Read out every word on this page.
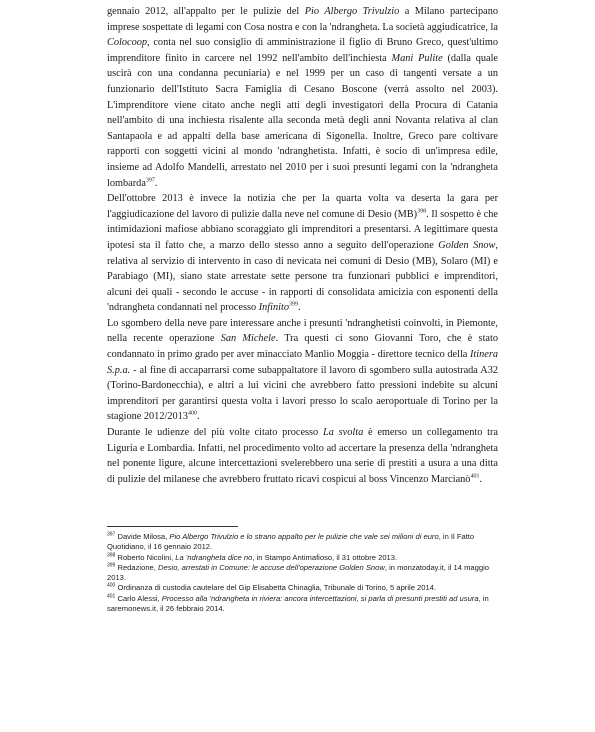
gennaio 2012, all'appalto per le pulizie del Pio Albergo Trivulzio a Milano partecipano imprese sospettate di legami con Cosa nostra e con la 'ndrangheta. La società aggiudicatrice, la Colocoop, conta nel suo consiglio di amministrazione il figlio di Bruno Greco, quest'ultimo imprenditore finito in carcere nel 1992 nell'ambito dell'inchiesta Mani Pulite (dalla quale uscirà con una condanna pecuniaria) e nel 1999 per un caso di tangenti versate a un funzionario dell'Istituto Sacra Famiglia di Cesano Boscone (verrà assolto nel 2003). L'imprenditore viene citato anche negli atti degli investigatori della Procura di Catania nell'ambito di una inchiesta risalente alla seconda metà degli anni Novanta relativa al clan Santapaola e ad appalti della base americana di Sigonella. Inoltre, Greco pare coltivare rapporti con soggetti vicini al mondo 'ndranghetista. Infatti, è socio di un'impresa edile, insieme ad Adolfo Mandelli, arrestato nel 2010 per i suoi presunti legami con la 'ndrangheta lombarda$^{397}$.

Dell'ottobre 2013 è invece la notizia che per la quarta volta va deserta la gara per l'aggiudicazione del lavoro di pulizie dalla neve nel comune di Desio (MB)$^{398}$. Il sospetto è che intimidazioni mafiose abbiano scoraggiato gli imprenditori a presentarsi. A legittimare questa ipotesi sta il fatto che, a marzo dello stesso anno a seguito dell'operazione Golden Snow, relativa al servizio di intervento in caso di nevicata nei comuni di Desio (MB), Solaro (MI) e Parabiago (MI), siano state arrestate sette persone tra funzionari pubblici e imprenditori, alcuni dei quali - secondo le accuse - in rapporti di consolidata amicizia con esponenti della 'ndrangheta condannati nel processo Infinito$^{399}$.

Lo sgombero della neve pare interessare anche i presunti 'ndranghetisti coinvolti, in Piemonte, nella recente operazione San Michele. Tra questi ci sono Giovanni Toro, che è stato condannato in primo grado per aver minacciato Manlio Moggia - direttore tecnico della Itinera S.p.a. - al fine di accaparrarsi come subappaltatore il lavoro di sgombero sulla autostrada A32 (Torino-Bardonecchia), e altri a lui vicini che avrebbero fatto pressioni indebite su alcuni imprenditori per garantirsi questa volta i lavori presso lo scalo aeroportuale di Torino per la stagione 2012/2013$^{400}$.

Durante le udienze del più volte citato processo La svolta è emerso un collegamento tra Liguria e Lombardia. Infatti, nel procedimento volto ad accertare la presenza della 'ndrangheta nel ponente ligure, alcune intercettazioni svelerebbero una serie di prestiti a usura a una ditta di pulizie del milanese che avrebbero fruttato ricavi cospicui al boss Vincenzo Marcianò$^{401}$.

$^{397}$ Davide Milosa, Pio Albergo Trivulzio e lo strano appalto per le pulizie che vale sei milioni di euro, in Il Fatto Quotidiano, il 16 gennaio 2012.

$^{398}$ Roberto Nicolini, La 'ndrangheta dice no, in Stampo Antimafioso, il 31 ottobre 2013.

$^{399}$ Redazione, Desio, arrestati in Comune: le accuse dell'operazione Golden Snow, in monzatoday.it, il 14 maggio 2013.

$^{400}$ Ordinanza di custodia cautelare del Gip Elisabetta Chinaglia, Tribunale di Torino, 5 aprile 2014.

$^{401}$ Carlo Alessi, Processo alla 'ndrangheta in riviera: ancora intercettazioni, si parla di presunti prestiti ad usura, in saremonews.it, il 26 febbraio 2014.
